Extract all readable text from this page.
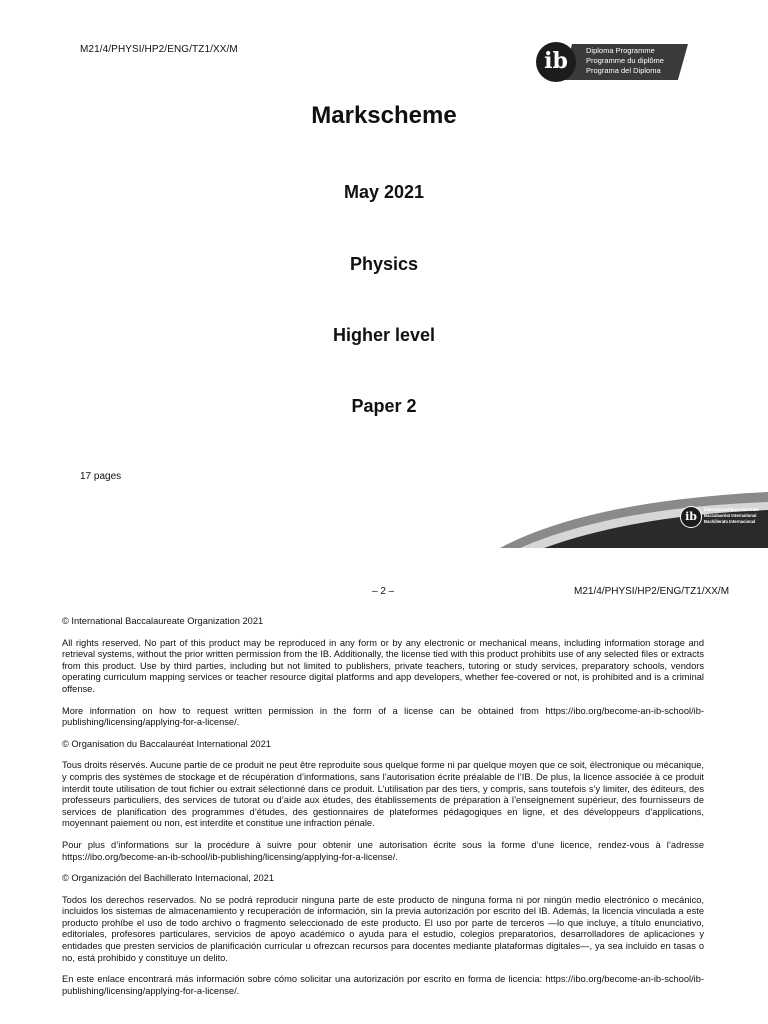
M21/4/PHYSI/HP2/ENG/TZ1/XX/M	ib	Diploma Programme
Programme du diplôme
Programa del Diploma
Markscheme
May 2021
Physics
Higher level
Paper 2
17 pages
ib
International Baccalaureate
Baccalauréat International
Bachillerato Internacional
– 2 –	M21/4/PHYSI/HP2/ENG/TZ1/XX/M

© International Baccalaureate Organization 2021

All rights reserved. No part of this product may be reproduced in any form or by any electronic or mechanical means, including information storage and retrieval systems, without the prior written permission from the IB. Additionally, the license tied with this product prohibits use of any selected files or extracts from this product. Use by third parties, including but not limited to publishers, private teachers, tutoring or study services, preparatory schools, vendors operating curriculum mapping services or teacher resource digital platforms and app developers, whether fee-covered or not, is prohibited and is a criminal offense.

More information on how to request written permission in the form of a license can be obtained from https://ibo.org/become-an-ib-school/ib-publishing/licensing/applying-for-a-license/.

© Organisation du Baccalauréat International 2021

Tous droits réservés. Aucune partie de ce produit ne peut être reproduite sous quelque forme ni par quelque moyen que ce soit, électronique ou mécanique, y compris des systèmes de stockage et de récupération d’informations, sans l’autorisation écrite préalable de l’IB. De plus, la licence associée à ce produit interdit toute utilisation de tout fichier ou extrait sélectionné dans ce produit. L’utilisation par des tiers, y compris, sans toutefois s’y limiter, des éditeurs, des professeurs particuliers, des services de tutorat ou d’aide aux études, des établissements de préparation à l’enseignement supérieur, des fournisseurs de services de planification des programmes d’études, des gestionnaires de plateformes pédagogiques en ligne, et des développeurs d’applications, moyennant paiement ou non, est interdite et constitue une infraction pénale.

Pour plus d’informations sur la procédure à suivre pour obtenir une autorisation écrite sous la forme d’une licence, rendez-vous à l’adresse https://ibo.org/become-an-ib-school/ib-publishing/licensing/applying-for-a-license/.

© Organización del Bachillerato Internacional, 2021

Todos los derechos reservados. No se podrá reproducir ninguna parte de este producto de ninguna forma ni por ningún medio electrónico o mecánico, incluidos los sistemas de almacenamiento y recuperación de información, sin la previa autorización por escrito del IB. Además, la licencia vinculada a este producto prohíbe el uso de todo archivo o fragmento seleccionado de este producto. El uso por parte de terceros —lo que incluye, a título enunciativo, editoriales, profesores particulares, servicios de apoyo académico o ayuda para el estudio, colegios preparatorios, desarrolladores de aplicaciones y entidades que presten servicios de planificación curricular u ofrezcan recursos para docentes mediante plataformas digitales—, ya sea incluido en tasas o no, está prohibido y constituye un delito.

En este enlace encontrará más información sobre cómo solicitar una autorización por escrito en forma de licencia: https://ibo.org/become-an-ib-school/ib-publishing/licensing/applying-for-a-license/.
